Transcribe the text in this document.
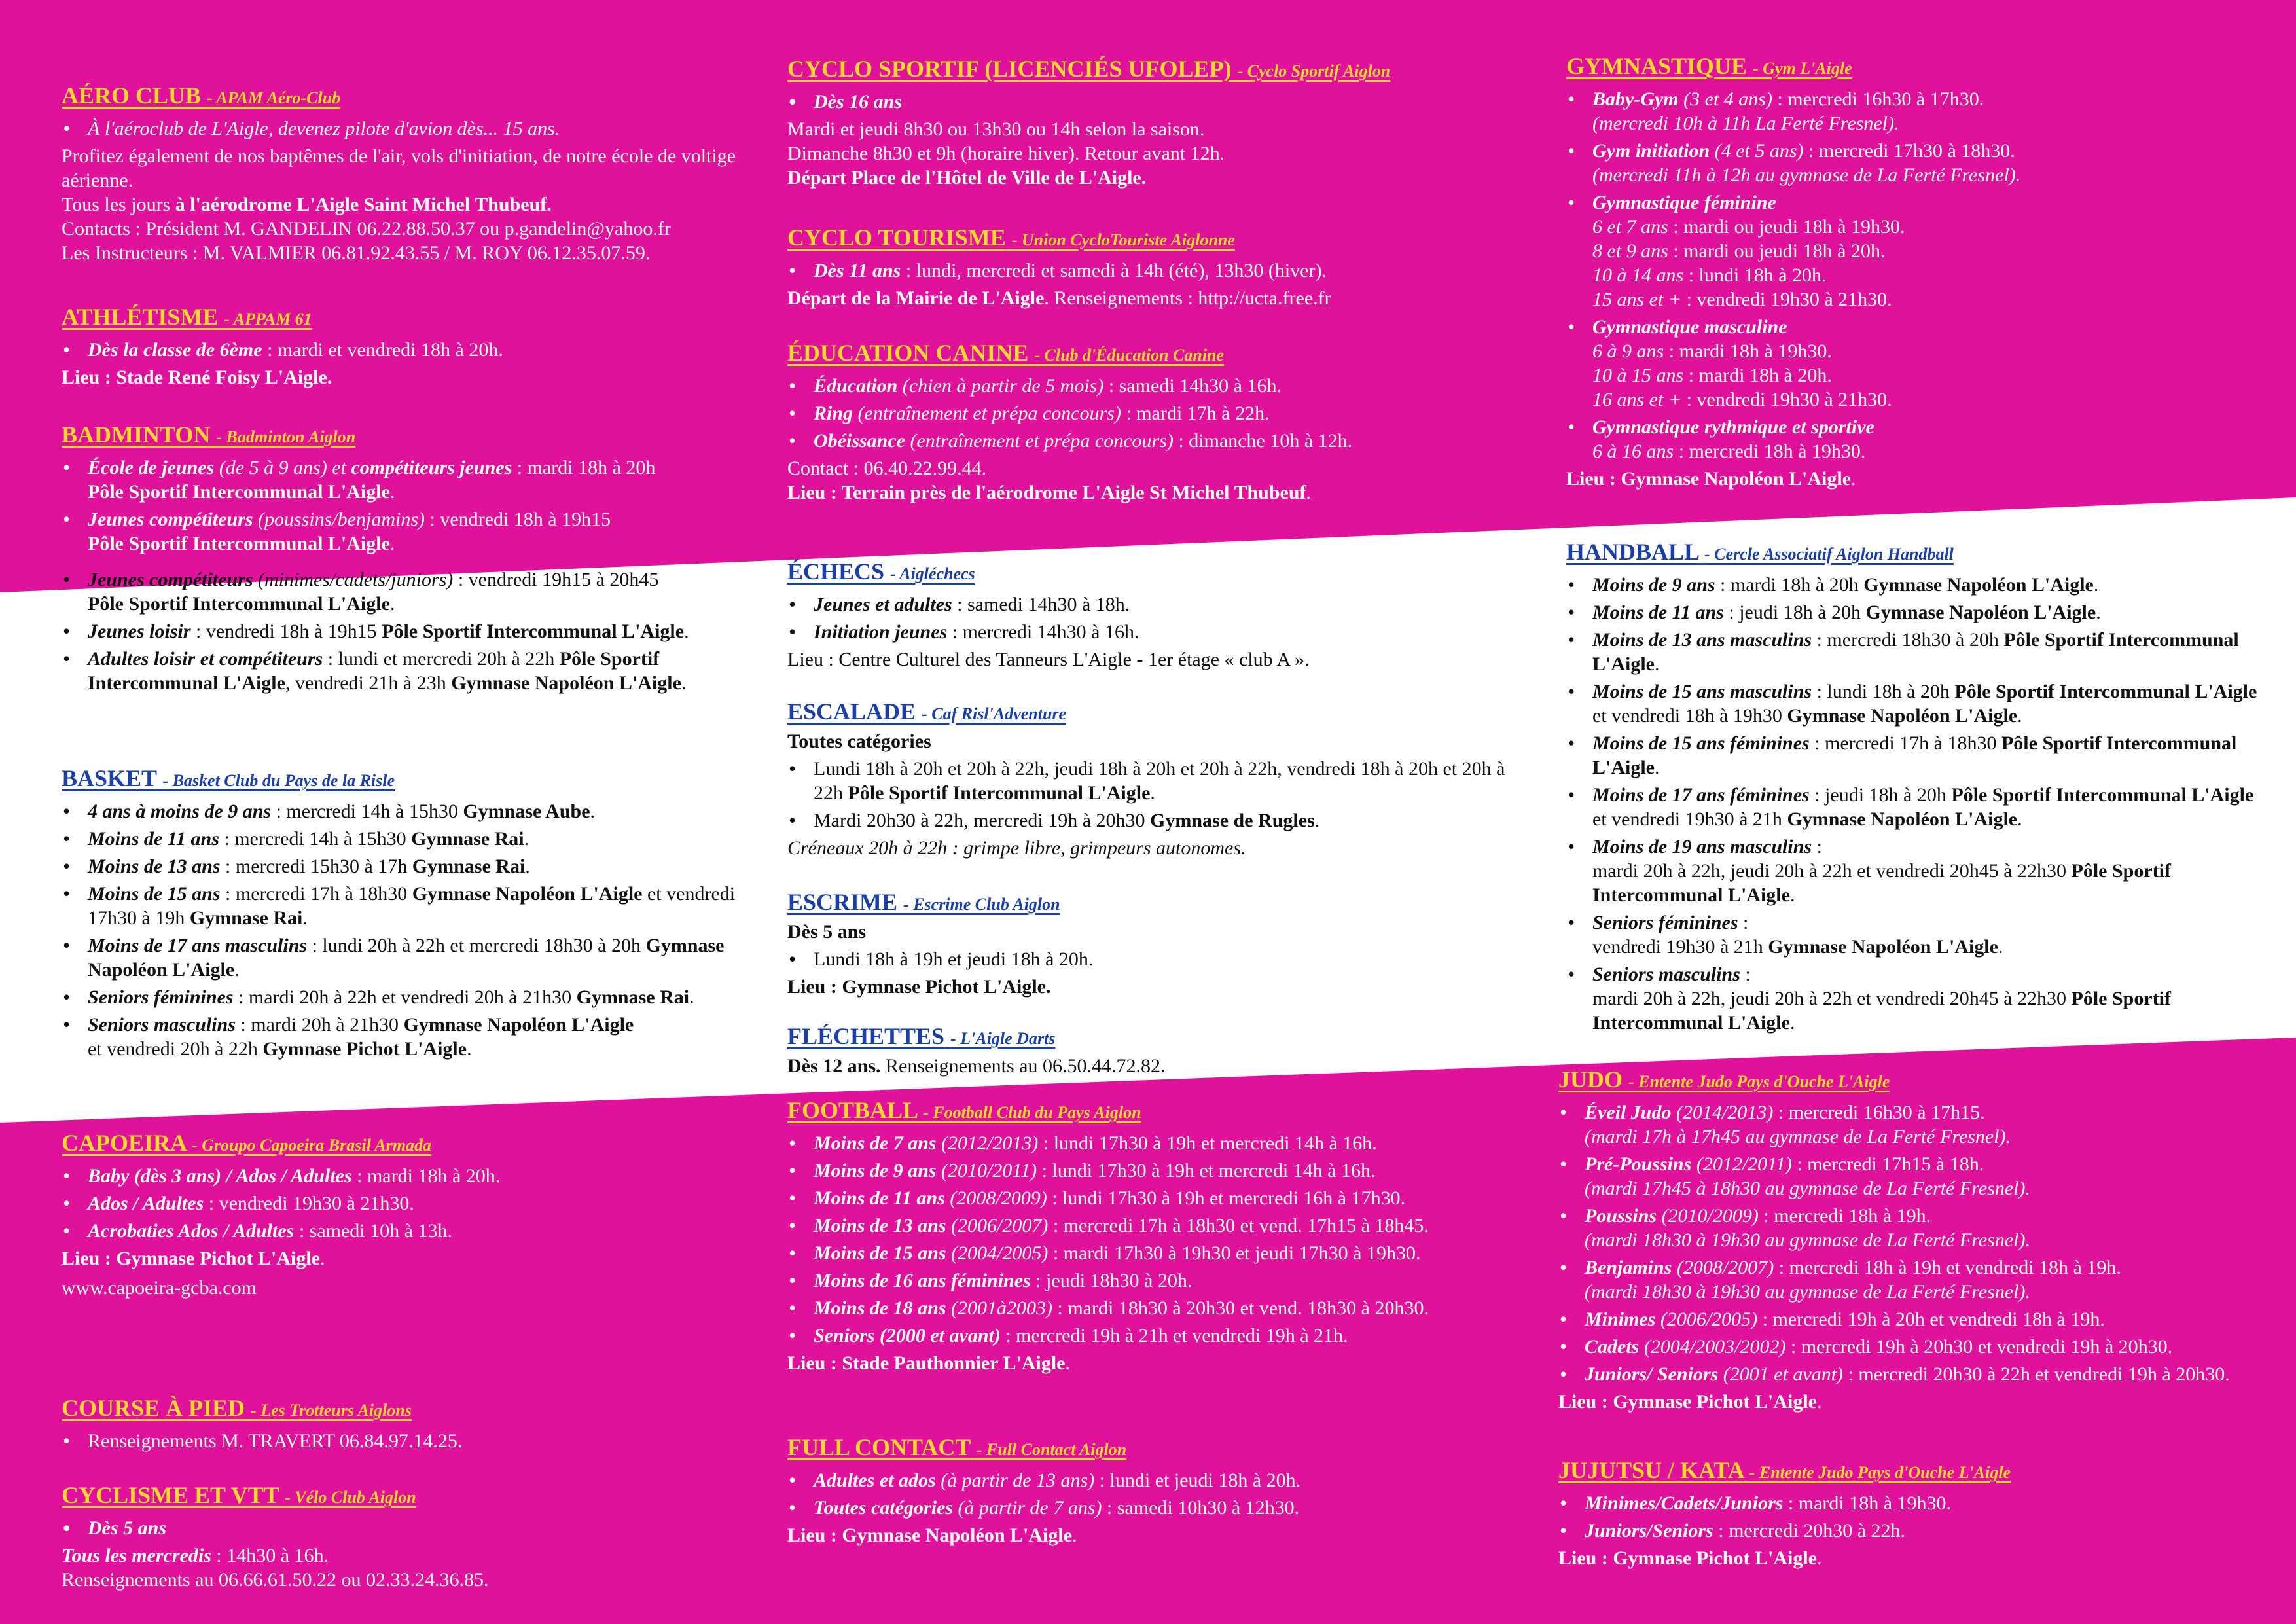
AÉRO CLUB - APAM Aéro-Club
• À l'aéroclub de L'Aigle, devenez pilote d'avion dès... 15 ans.
Profitez également de nos baptêmes de l'air, vols d'initiation, de notre école de voltige aérienne.
Tous les jours à l'aérodrome L'Aigle Saint Michel Thubeuf.
Contacts : Président M. GANDELIN 06.22.88.50.37 ou p.gandelin@yahoo.fr
Les Instructeurs : M. VALMIER 06.81.92.43.55 / M. ROY 06.12.35.07.59.
ATHLÉTISME - APPAM 61
• Dès la classe de 6ème : mardi et vendredi 18h à 20h.
Lieu : Stade René Foisy L'Aigle.
BADMINTON - Badminton Aiglon
• École de jeunes (de 5 à 9 ans) et compétiteurs jeunes : mardi 18h à 20h
Pôle Sportif Intercommunal L'Aigle.
• Jeunes compétiteurs (poussins/benjamins) : vendredi 18h à 19h15
Pôle Sportif Intercommunal L'Aigle.
• Jeunes compétiteurs (minimes/cadets/juniors) : vendredi 19h15 à 20h45
Pôle Sportif Intercommunal L'Aigle.
• Jeunes loisir : vendredi 18h à 19h15 Pôle Sportif Intercommunal L'Aigle.
• Adultes loisir et compétiteurs : lundi et mercredi 20h à 22h Pôle Sportif
Intercommunal L'Aigle, vendredi 21h à 23h Gymnase Napoléon L'Aigle.
BASKET - Basket Club du Pays de la Risle
• 4 ans à moins de 9 ans : mercredi 14h à 15h30 Gymnase Aube.
• Moins de 11 ans : mercredi 14h à 15h30 Gymnase Rai.
• Moins de 13 ans : mercredi 15h30 à 17h Gymnase Rai.
• Moins de 15 ans : mercredi 17h à 18h30 Gymnase Napoléon L'Aigle et vendredi 17h30 à 19h Gymnase Rai.
• Moins de 17 ans masculins : lundi 20h à 22h et mercredi 18h30 à 20h Gymnase Napoléon L'Aigle.
• Seniors féminines : mardi 20h à 22h et vendredi 20h à 21h30 Gymnase Rai.
• Seniors masculins : mardi 20h à 21h30 Gymnase Napoléon L'Aigle
et vendredi 20h à 22h Gymnase Pichot L'Aigle.
CAPOEIRA - Groupo Capoeira Brasil Armada
• Baby (dès 3 ans) / Ados / Adultes : mardi 18h à 20h.
• Ados / Adultes : vendredi 19h30 à 21h30.
• Acrobaties Ados / Adultes : samedi 10h à 13h.
Lieu : Gymnase Pichot L'Aigle.
www.capoeira-gcba.com
COURSE À PIED - Les Trotteurs Aiglons
• Renseignements M. TRAVERT 06.84.97.14.25.
CYCLISME ET VTT - Vélo Club Aiglon
• Dès 5 ans
Tous les mercredis : 14h30 à 16h.
Renseignements au 06.66.61.50.22 ou 02.33.24.36.85.
CYCLO SPORTIF (LICENCIÉS UFOLEP) - Cyclo Sportif Aiglon
• Dès 16 ans
Mardi et jeudi 8h30 ou 13h30 ou 14h selon la saison.
Dimanche 8h30 et 9h (horaire hiver). Retour avant 12h.
Départ Place de l'Hôtel de Ville de L'Aigle.
CYCLO TOURISME - Union CycloTouriste Aiglonne
• Dès 11 ans : lundi, mercredi et samedi à 14h (été), 13h30 (hiver).
Départ de la Mairie de L'Aigle. Renseignements : http://ucta.free.fr
ÉDUCATION CANINE - Club d'Éducation Canine
• Éducation (chien à partir de 5 mois) : samedi 14h30 à 16h.
• Ring (entraînement et prépa concours) : mardi 17h à 22h.
• Obéissance (entraînement et prépa concours) : dimanche 10h à 12h.
Contact : 06.40.22.99.44.
Lieu : Terrain près de l'aérodrome L'Aigle St Michel Thubeuf.
ÉCHECS - Aigléchecs
• Jeunes et adultes : samedi 14h30 à 18h.
• Initiation jeunes : mercredi 14h30 à 16h.
Lieu : Centre Culturel des Tanneurs L'Aigle - 1er étage « club A ».
ESCALADE - Caf Risl'Adventure
Toutes catégories
• Lundi 18h à 20h et 20h à 22h, jeudi 18h à 20h et 20h à 22h, vendredi 18h à 20h et 20h à 22h Pôle Sportif Intercommunal L'Aigle.
• Mardi 20h30 à 22h, mercredi 19h à 20h30 Gymnase de Rugles.
Créneaux 20h à 22h : grimpe libre, grimpeurs autonomes.
ESCRIME - Escrime Club Aiglon
Dès 5 ans
• Lundi 18h à 19h et jeudi 18h à 20h.
Lieu : Gymnase Pichot L'Aigle.
FLÉCHETTES - L'Aigle Darts
Dès 12 ans. Renseignements au 06.50.44.72.82.
FOOTBALL - Football Club du Pays Aiglon
• Moins de 7 ans (2012/2013) : lundi 17h30 à 19h et mercredi 14h à 16h.
• Moins de 9 ans (2010/2011) : lundi 17h30 à 19h et mercredi 14h à 16h.
• Moins de 11 ans (2008/2009) : lundi 17h30 à 19h et mercredi 16h à 17h30.
• Moins de 13 ans (2006/2007) : mercredi 17h à 18h30 et vend. 17h15 à 18h45.
• Moins de 15 ans (2004/2005) : mardi 17h30 à 19h30 et jeudi 17h30 à 19h30.
• Moins de 16 ans féminines : jeudi 18h30 à 20h.
• Moins de 18 ans (2001à2003) : mardi 18h30 à 20h30 et vend. 18h30 à 20h30.
• Seniors (2000 et avant) : mercredi 19h à 21h et vendredi 19h à 21h.
Lieu : Stade Pauthonnier L'Aigle.
FULL CONTACT - Full Contact Aiglon
• Adultes et ados (à partir de 13 ans) : lundi et jeudi 18h à 20h.
• Toutes catégories (à partir de 7 ans) : samedi 10h30 à 12h30.
Lieu : Gymnase Napoléon L'Aigle.
GYMNASTIQUE - Gym L'Aigle
• Baby-Gym (3 et 4 ans) : mercredi 16h30 à 17h30.
(mercredi 10h à 11h La Ferté Fresnel).
• Gym initiation (4 et 5 ans) : mercredi 17h30 à 18h30.
(mercredi 11h à 12h au gymnase de La Ferté Fresnel).
• Gymnastique féminine
6 et 7 ans : mardi ou jeudi 18h à 19h30.
8 et 9 ans : mardi ou jeudi 18h à 20h.
10 à 14 ans : lundi 18h à 20h.
15 ans et + : vendredi 19h30 à 21h30.
• Gymnastique masculine
6 à 9 ans : mardi 18h à 19h30.
10 à 15 ans : mardi 18h à 20h.
16 ans et + : vendredi 19h30 à 21h30.
• Gymnastique rythmique et sportive
6 à 16 ans : mercredi 18h à 19h30.
Lieu : Gymnase Napoléon L'Aigle.
HANDBALL - Cercle Associatif Aiglon Handball
• Moins de 9 ans : mardi 18h à 20h Gymnase Napoléon L'Aigle.
• Moins de 11 ans : jeudi 18h à 20h Gymnase Napoléon L'Aigle.
• Moins de 13 ans masculins : mercredi 18h30 à 20h Pôle Sportif Intercommunal L'Aigle.
• Moins de 15 ans masculins : lundi 18h à 20h Pôle Sportif Intercommunal L'Aigle et vendredi 18h à 19h30 Gymnase Napoléon L'Aigle.
• Moins de 15 ans féminines : mercredi 17h à 18h30 Pôle Sportif Intercommunal L'Aigle.
• Moins de 17 ans féminines : jeudi 18h à 20h Pôle Sportif Intercommunal L'Aigle et vendredi 19h30 à 21h Gymnase Napoléon L'Aigle.
• Moins de 19 ans masculins :
mardi 20h à 22h, jeudi 20h à 22h et vendredi 20h45 à 22h30 Pôle Sportif Intercommunal L'Aigle.
• Seniors féminines :
vendredi 19h30 à 21h Gymnase Napoléon L'Aigle.
• Seniors masculins :
mardi 20h à 22h, jeudi 20h à 22h et vendredi 20h45 à 22h30 Pôle Sportif Intercommunal L'Aigle.
JUDO - Entente Judo Pays d'Ouche L'Aigle
• Éveil Judo (2014/2013) : mercredi 16h30 à 17h15.
(mardi 17h à 17h45 au gymnase de La Ferté Fresnel).
• Pré-Poussins (2012/2011) : mercredi 17h15 à 18h.
(mardi 17h45 à 18h30 au gymnase de La Ferté Fresnel).
• Poussins (2010/2009) : mercredi 18h à 19h.
(mardi 18h30 à 19h30 au gymnase de La Ferté Fresnel).
• Benjamins (2008/2007) : mercredi 18h à 19h et vendredi 18h à 19h.
(mardi 18h30 à 19h30 au gymnase de La Ferté Fresnel).
• Minimes (2006/2005) : mercredi 19h à 20h et vendredi 18h à 19h.
• Cadets (2004/2003/2002) : mercredi 19h à 20h30 et vendredi 19h à 20h30.
• Juniors/ Seniors (2001 et avant) : mercredi 20h30 à 22h et vendredi 19h à 20h30.
Lieu : Gymnase Pichot L'Aigle.
JUJUTSU / KATA - Entente Judo Pays d'Ouche L'Aigle
• Minimes/Cadets/Juniors : mardi 18h à 19h30.
• Juniors/Seniors : mercredi 20h30 à 22h.
Lieu : Gymnase Pichot L'Aigle.
